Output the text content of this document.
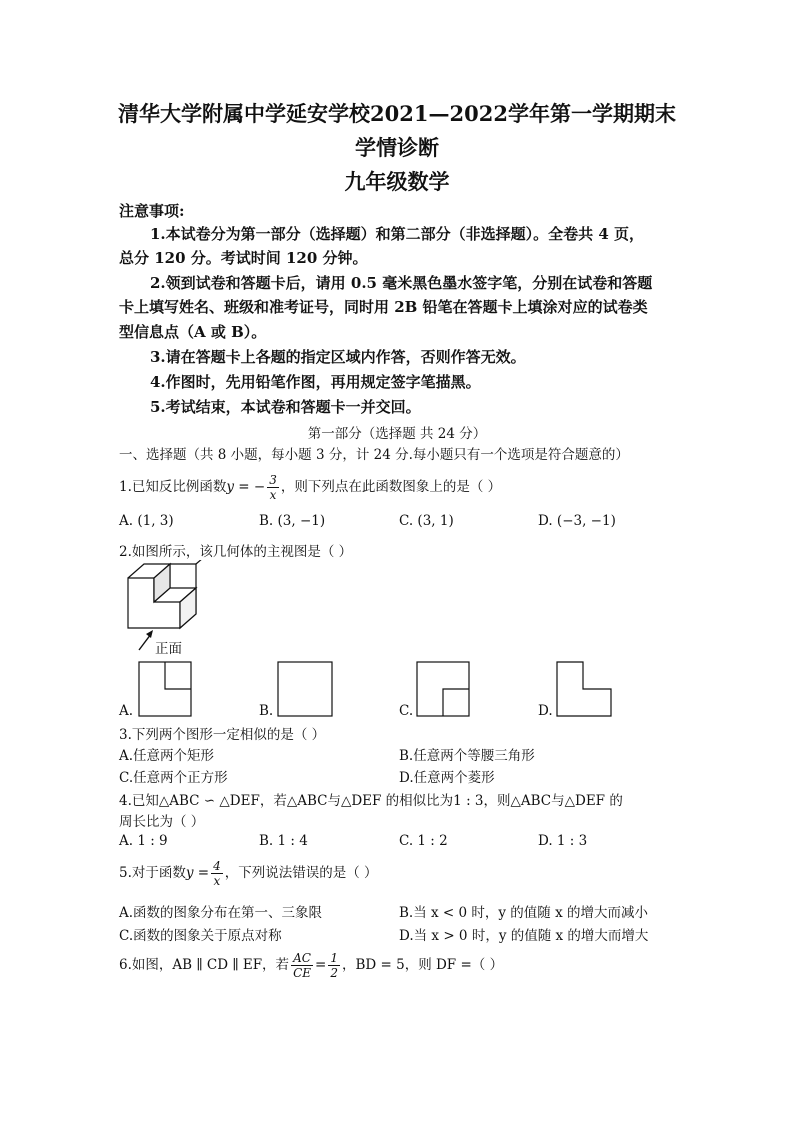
清华大学附属中学延安学校2021—2022学年第一学期期末
学情诊断
九年级数学
注意事项:
1.本试卷分为第一部分（选择题）和第二部分（非选择题）。全卷共 4 页，
总分 120 分。考试时间 120 分钟。
2.领到试卷和答题卡后，请用 0.5 毫米黑色墨水签字笔，分别在试卷和答题
卡上填写姓名、班级和准考证号，同时用 2B 铅笔在答题卡上填涂对应的试卷类
型信息点（A 或 B）。
3.请在答题卡上各题的指定区域内作答，否则作答无效。
4.作图时，先用铅笔作图，再用规定签字笔描黑。
5.考试结束，本试卷和答题卡一并交回。
第一部分（选择题 共 24 分）
一、选择题（共 8 小题，每小题 3 分，计 24 分.每小题只有一个选项是符合题意的）
1.已知反比例函数y = − $\frac{3}{x}$ ，则下列点在此函数图象上的是（ ）
A. (1, 3)	B. (3, −1)	C. (3, 1)	D. (−3, −1)
2.如图所示，该几何体的主视图是（ ）
正面
A.	B.	C.	D.
3.下列两个图形一定相似的是（ ）
A.任意两个矩形	B.任意两个等腰三角形
C.任意两个正方形	D.任意两个菱形
4.已知△ABC ∽ △DEF，若△ABC与△DEF 的相似比为1 : 3，则△ABC与△DEF 的
周长比为（ ）
A. 1 : 9	B. 1 : 4	C. 1 : 2	D. 1 : 3
5.对于函数$y = \frac{4}{x}$ ，下列说法错误的是（ ）
A.函数的图象分布在第一、三象限	B.当 x < 0 时，y 的值随 x 的增大而减小
C.函数的图象关于原点对称	D.当 x > 0 时，y 的值随 x 的增大而增大
6.如图，AB ∥ CD ∥ EF，若 $\frac{AC}{CE} = \frac{1}{2}$ ，BD = 5，则 DF =（ ）
